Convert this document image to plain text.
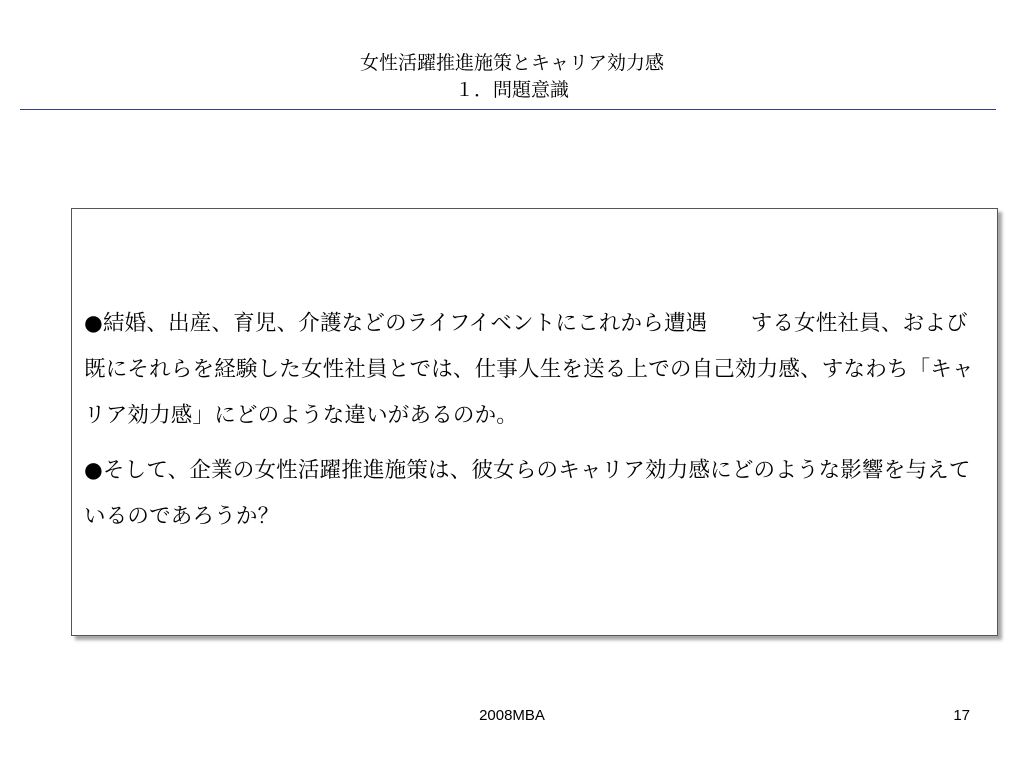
女性活躍推進施策とキャリア効力感

１．問題意識

●結婚、出産、育児、介護などのライフイベントにこれから遭遇　　する女性社員、および既にそれらを経験した女性社員とでは、仕事人生を送る上での自己効力感、すなわち「キャリア効力感」にどのような違いがあるのか。
●そして、企業の女性活躍推進施策は、彼女らのキャリア効力感にどのような影響を与えているのであろうか？

2008MBA	17
